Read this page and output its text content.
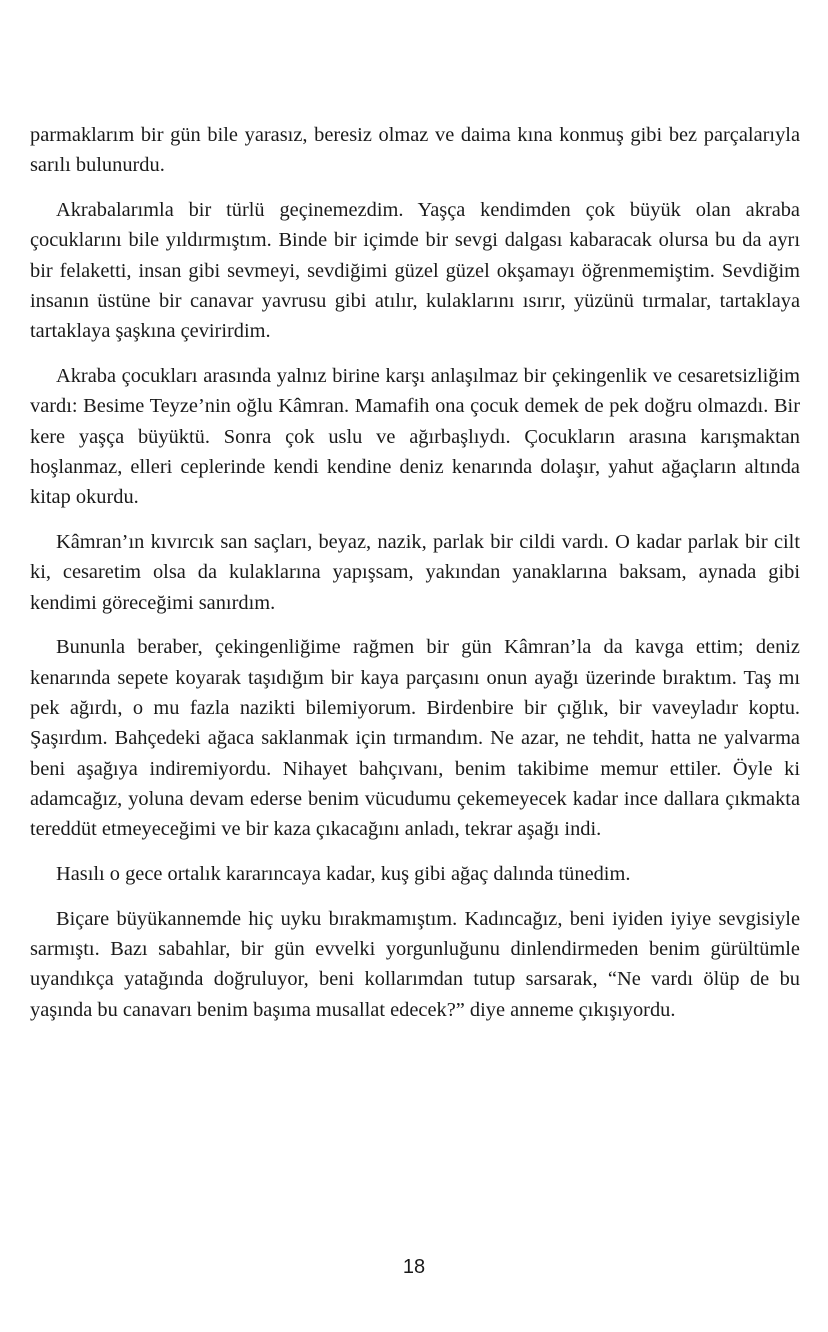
parmaklarım bir gün bile yarasız, beresiz olmaz ve daima kına konmuş gibi bez parçalarıyla sarılı bulunurdu.

Akrabalarımla bir türlü geçinemezdim. Yaşça kendimden çok büyük olan akraba çocuklarını bile yıldırmıştım. Binde bir içimde bir sevgi dalgası kabaracak olursa bu da ayrı bir felaketti, insan gibi sevmeyi, sevdiğimi güzel güzel okşamayı öğrenmemiştim. Sevdiğim insanın üstüne bir canavar yavrusu gibi atılır, kulaklarını ısırır, yüzünü tırmalar, tartaklaya tartaklaya şaşkına çevirirdim.

Akraba çocukları arasında yalnız birine karşı anlaşılmaz bir çekingenlik ve cesaretsizliğim vardı: Besime Teyze’nin oğlu Kâmran. Mamafih ona çocuk demek de pek doğru olmazdı. Bir kere yaşça büyüktü. Sonra çok uslu ve ağırbaşlıydı. Çocukların arasına karışmaktan hoşlanmaz, elleri ceplerinde kendi kendine deniz kenarında dolaşır, yahut ağaçların altında kitap okurdu.

Kâmran’ın kıvırcık san saçları, beyaz, nazik, parlak bir cildi vardı. O kadar parlak bir cilt ki, cesaretim olsa da kulaklarına yapışsam, yakından yanaklarına baksam, aynada gibi kendimi göreceğimi sanırdım.

Bununla beraber, çekingenliğime rağmen bir gün Kâmran’la da kavga ettim; deniz kenarında sepete koyarak taşıdığım bir kaya parçasını onun ayağı üzerinde bıraktım. Taş mı pek ağırdı, o mu fazla nazikti bilemiyorum. Birdenbire bir çığlık, bir vaveyladır koptu. Şaşırdım. Bahçedeki ağaca saklanmak için tırmandım. Ne azar, ne tehdit, hatta ne yalvarma beni aşağıya indiremiyordu. Nihayet bahçıvanı, benim takibime memur ettiler. Öyle ki adamcağız, yoluna devam ederse benim vücudumu çekemeyecek kadar ince dallara çıkmakta tereddüt etmeyeceğimi ve bir kaza çıkacağını anladı, tekrar aşağı indi.

Hasılı o gece ortalık kararıncaya kadar, kuş gibi ağaç dalında tünedim.

Biçare büyükannemde hiç uyku bırakmamıştım. Kadıncağız, beni iyiden iyiye sevgisiyle sarmıştı. Bazı sabahlar, bir gün evvelki yorgunluğunu dinlendirmeden benim gürültümle uyandıkça yatağında doğruluyor, beni kollarımdan tutup sarsarak, “Ne vardı ölüp de bu yaşında bu canavarı benim başıma musallat edecek?” diye anneme çıkışıyordu.

18
